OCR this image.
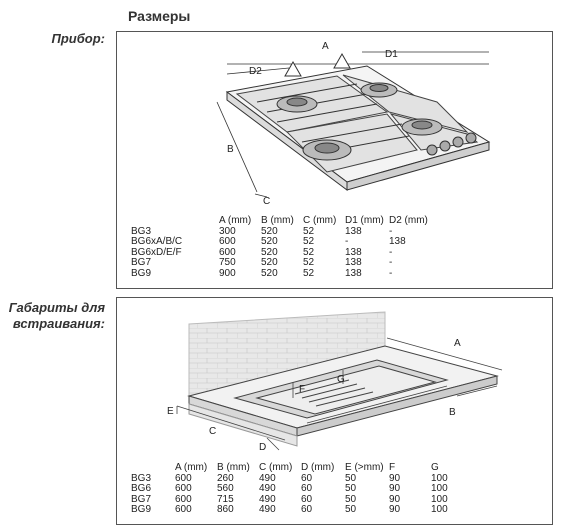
Размеры
Прибор:
A
D1
D2
B
C
	A (mm)	B (mm)	C (mm)	D1 (mm)	D2 (mm)
BG3	300	520	52	138	-
BG6xA/B/C	600	520	52	-	138
BG6xD/E/F	600	520	52	138	-
BG7	750	520	52	138	-
BG9	900	520	52	138	-
Габариты для
встраивания:
A
B
C
D
E
F
G
	A (mm)	B (mm)	C (mm)	D (mm)	E (>mm)	F	G
BG3	600	260	490	60	50	90	100
BG6	600	560	490	60	50	90	100
BG7	600	715	490	60	50	90	100
BG9	600	860	490	60	50	90	100
